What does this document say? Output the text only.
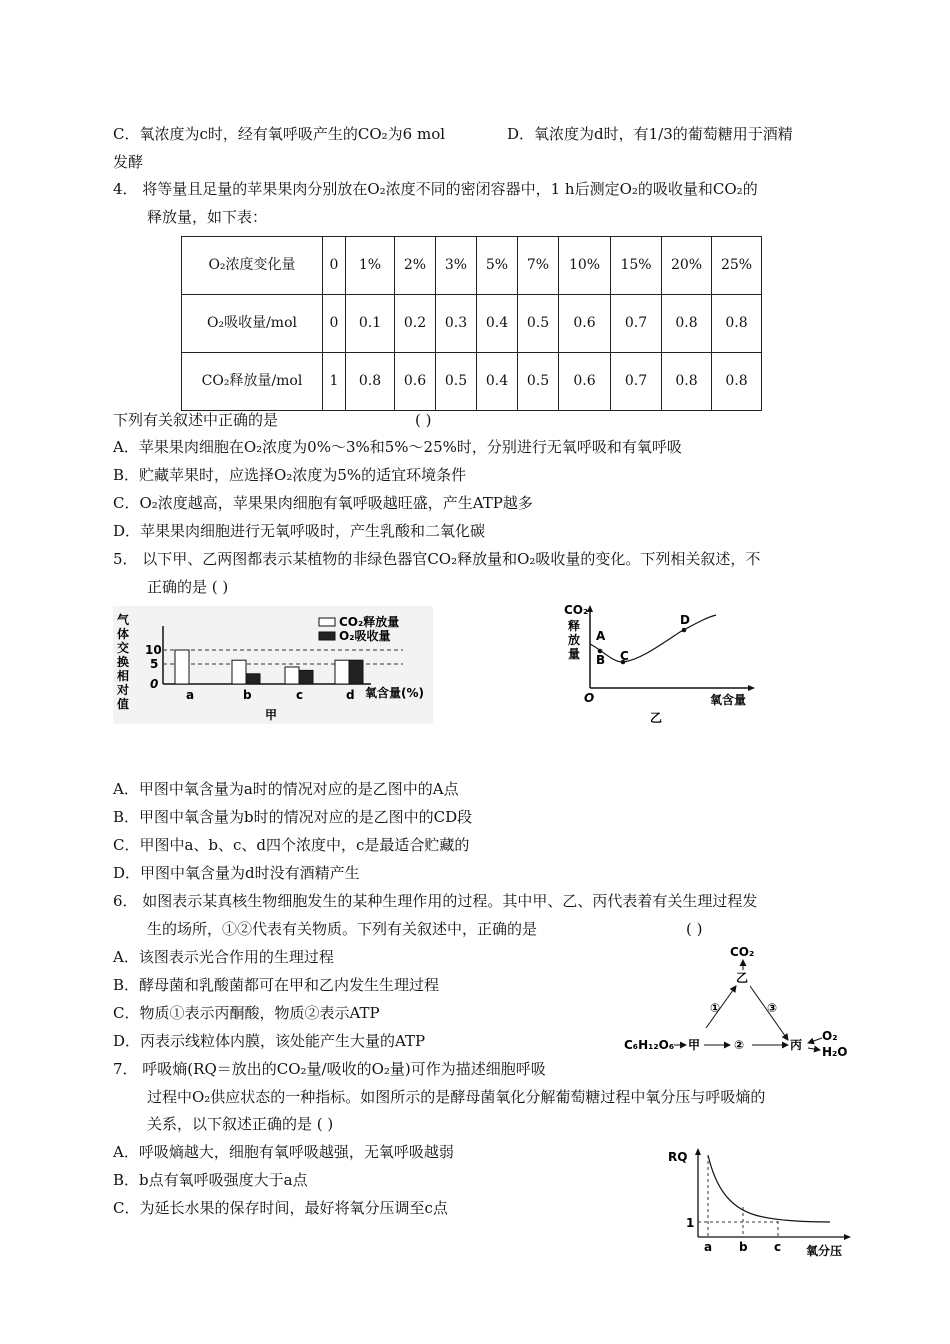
C．氧浓度为c时，经有氧呼吸产生的CO₂为6 mol	D．氧浓度为d时，有1/3的葡萄糖用于酒精
发酵
4． 将等量且足量的苹果果肉分别放在O₂浓度不同的密闭容器中，1 h后测定O₂的吸收量和CO₂的
释放量，如下表：
O₂浓度变化量	0	1%	2%	3%	5%	7%	10%	15%	20%	25%
O₂吸收量/mol	0	0.1	0.2	0.3	0.4	0.5	0.6	0.7	0.8	0.8
CO₂释放量/mol	1	0.8	0.6	0.5	0.4	0.5	0.6	0.7	0.8	0.8
下列有关叙述中正确的是	( )
A．苹果果肉细胞在O₂浓度为0%～3%和5%～25%时，分别进行无氧呼吸和有氧呼吸
B．贮藏苹果时，应选择O₂浓度为5%的适宜环境条件
C．O₂浓度越高，苹果果肉细胞有氧呼吸越旺盛，产生ATP越多
D．苹果果肉细胞进行无氧呼吸时，产生乳酸和二氧化碳
5． 以下甲、乙两图都表示某植物的非绿色器官CO₂释放量和O₂吸收量的变化。下列相关叙述，不
正确的是 ( )
气
体
交
换
相
对
值
10
5
0
a	b	c	d 氧含量(%)
CO₂释放量
O₂吸收量
甲
CO₂
释
放
量
A
B C
D
O	氧含量
乙
A．甲图中氧含量为a时的情况对应的是乙图中的A点
B．甲图中氧含量为b时的情况对应的是乙图中的CD段
C．甲图中a、b、c、d四个浓度中，c是最适合贮藏的
D．甲图中氧含量为d时没有酒精产生
6． 如图表示某真核生物细胞发生的某种生理作用的过程。其中甲、乙、丙代表着有关生理过程发
生的场所，①②代表有关物质。下列有关叙述中，正确的是	( )
A．该图表示光合作用的生理过程
B．酵母菌和乳酸菌都可在甲和乙内发生生理过程
C．物质①表示丙酮酸，物质②表示ATP
D．丙表示线粒体内膜，该处能产生大量的ATP
CO₂
乙
①	③
C₆H₁₂O₆ 甲	②	丙
O₂
H₂O
7． 呼吸熵(RQ＝放出的CO₂量/吸收的O₂量)可作为描述细胞呼吸
过程中O₂供应状态的一种指标。如图所示的是酵母菌氧化分解葡萄糖过程中氧分压与呼吸熵的
关系，以下叙述正确的是 ( )
A．呼吸熵越大，细胞有氧呼吸越强，无氧呼吸越弱
B．b点有氧呼吸强度大于a点
C．为延长水果的保存时间，最好将氧分压调至c点
RQ
1
a b c 氧分压
